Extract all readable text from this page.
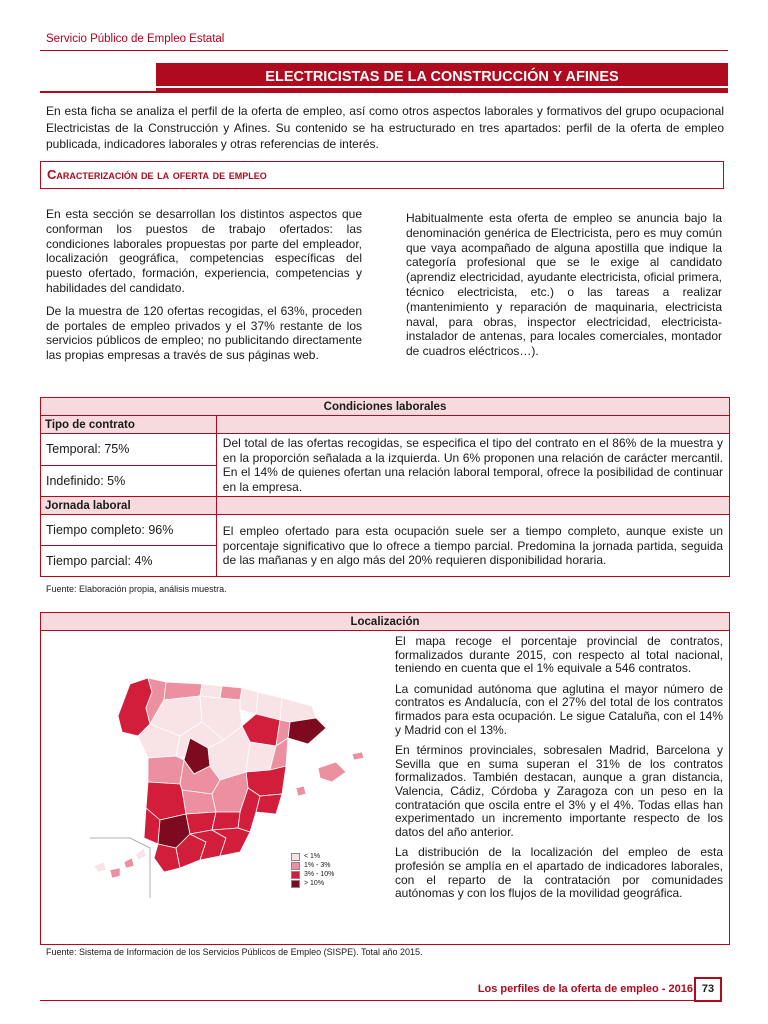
Servicio Público de Empleo Estatal
ELECTRICISTAS DE LA CONSTRUCCIÓN Y AFINES
En esta ficha se analiza el perfil de la oferta de empleo, así como otros aspectos laborales y formativos del grupo ocupacional Electricistas de la Construcción y Afines. Su contenido se ha estructurado en tres apartados: perfil de la oferta de empleo publicada, indicadores laborales y otras referencias de interés.
Caracterización de la oferta de empleo

En esta sección se desarrollan los distintos aspectos que conforman los puestos de trabajo ofertados: las condiciones laborales propuestas por parte del empleador, localización geográfica, competencias específicas del puesto ofertado, formación, experiencia, competencias y habilidades del candidato.

De la muestra de 120 ofertas recogidas, el 63%, proceden de portales de empleo privados y el 37% restante de los servicios públicos de empleo; no publicitando directamente las propias empresas a través de sus páginas web.

Habitualmente esta oferta de empleo se anuncia bajo la denominación genérica de Electricista, pero es muy común que vaya acompañado de alguna apostilla que indique la categoría profesional que se le exige al candidato (aprendiz electricidad, ayudante electricista, oficial primera, técnico electricista, etc.) o las tareas a realizar (mantenimiento y reparación de maquinaria, electricista naval, para obras, inspector electricidad, electricista-instalador de antenas, para locales comerciales, montador de cuadros eléctricos…).

Condiciones laborales	
Tipo de contrato	
Temporal: 75%	Del total de las ofertas recogidas, se especifica el tipo del contrato en el 86% de la muestra y en la proporción señalada a la izquierda. Un 6% proponen una relación de carácter mercantil. En el 14% de quienes ofertan una relación laboral temporal, ofrece la posibilidad de continuar en la empresa.
Indefinido: 5%	
Jornada laboral	
Tiempo completo: 96%	El empleo ofertado para esta ocupación suele ser a tiempo completo, aunque existe un porcentaje significativo que lo ofrece a tiempo parcial. Predomina la jornada partida, seguida de las mañanas y en algo más del 20% requieren disponibilidad horaria.
Tiempo parcial: 4%	
Fuente: Elaboración propia, análisis muestra.
Localización
< 1%
1% - 3%
3% - 10%
> 10%

El mapa recoge el porcentaje provincial de contratos, formalizados durante 2015, con respecto al total nacional, teniendo en cuenta que el 1% equivale a 546 contratos.

La comunidad autónoma que aglutina el mayor número de contratos es Andalucía, con el 27% del total de los contratos firmados para esta ocupación. Le sigue Cataluña, con el 14% y Madrid con el 13%.

En términos provinciales, sobresalen Madrid, Barcelona y Sevilla que en suma superan el 31% de los contratos formalizados. También destacan, aunque a gran distancia, Valencia, Cádiz, Córdoba y Zaragoza con un peso en la contratación que oscila entre el 3% y el 4%. Todas ellas han experimentado un incremento importante respecto de los datos del año anterior.

La distribución de la localización del empleo de esta profesión se amplía en el apartado de indicadores laborales, con el reparto de la contratación por comunidades autónomas y con los flujos de la movilidad geográfica.

Fuente: Sistema de Información de los Servicios Públicos de Empleo (SISPE). Total año 2015.
Los perfiles de la oferta de empleo - 2016 73
